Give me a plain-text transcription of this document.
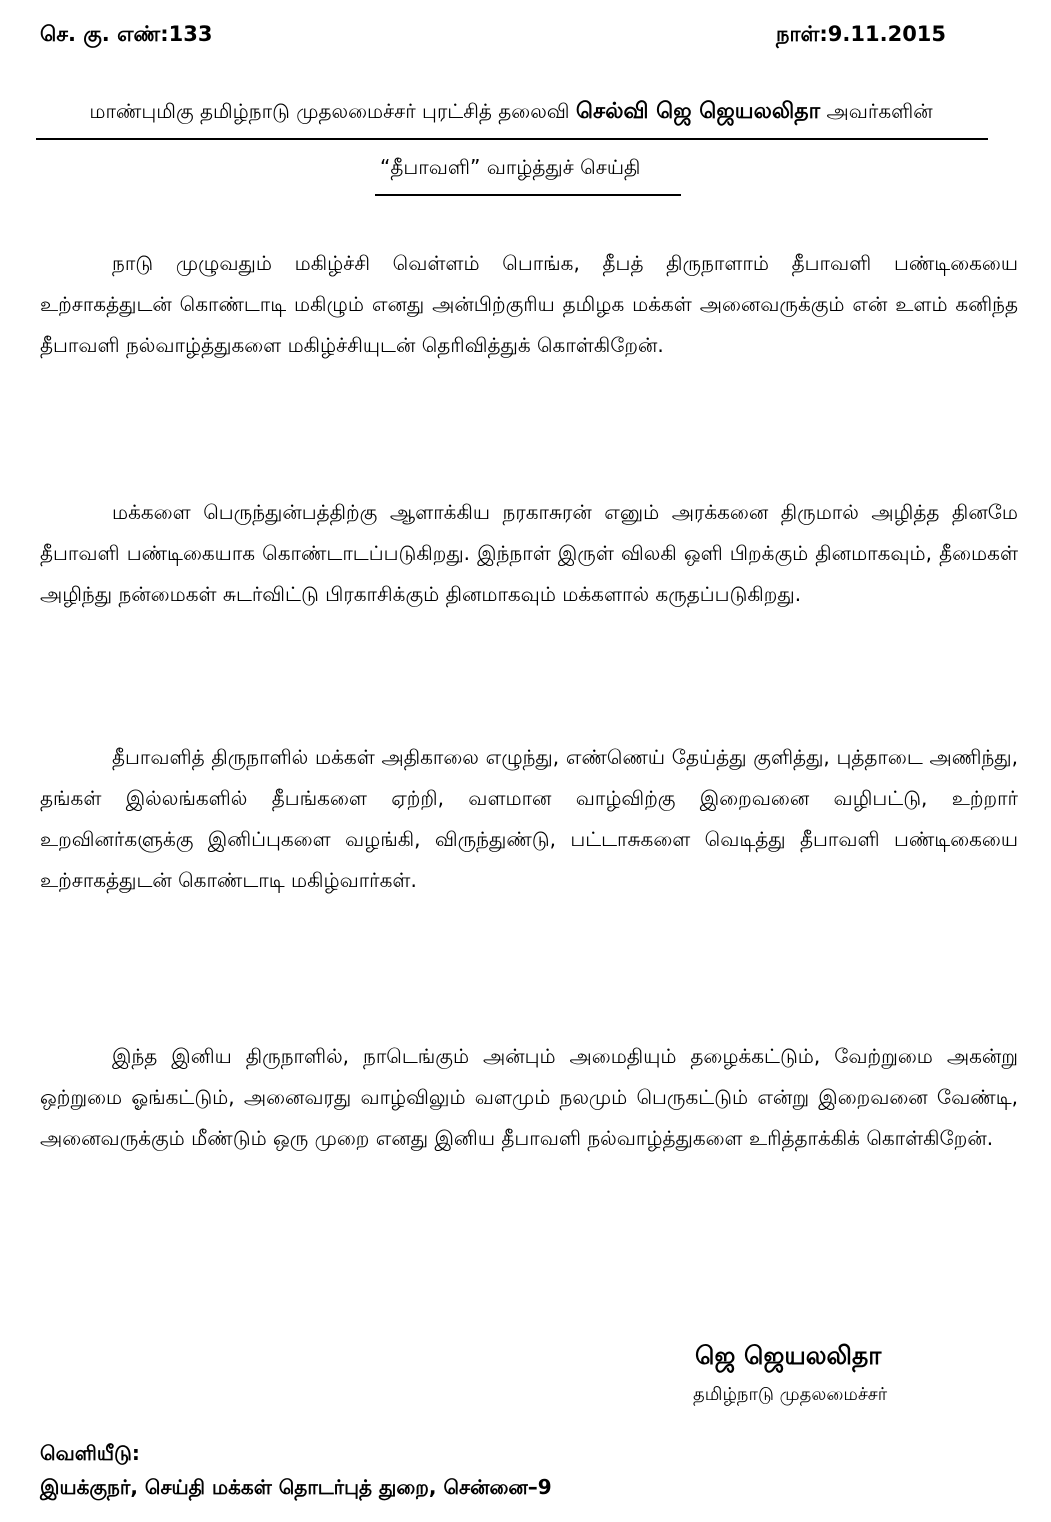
செ. கு. எண்:133	நாள்:9.11.2015
மாண்புமிகு தமிழ்நாடு முதலமைச்சர் புரட்சித் தலைவி செல்வி ஜெ ஜெயலலிதா அவர்களின்
“தீபாவளி” வாழ்த்துச் செய்தி
நாடு முழுவதும் மகிழ்ச்சி வெள்ளம் பொங்க, தீபத் திருநாளாம் தீபாவளி பண்டிகையை உற்சாகத்துடன் கொண்டாடி மகிழும் எனது அன்பிற்குரிய தமிழக மக்கள் அனைவருக்கும் என் உளம் கனிந்த தீபாவளி நல்வாழ்த்துகளை மகிழ்ச்சியுடன் தெரிவித்துக் கொள்கிறேன்.
மக்களை பெருந்துன்பத்திற்கு ஆளாக்கிய நரகாசுரன் எனும் அரக்கனை திருமால் அழித்த தினமே தீபாவளி பண்டிகையாக கொண்டாடப்படுகிறது. இந்நாள் இருள் விலகி ஒளி பிறக்கும் தினமாகவும், தீமைகள் அழிந்து நன்மைகள் சுடர்விட்டு பிரகாசிக்கும் தினமாகவும் மக்களால் கருதப்படுகிறது.
தீபாவளித் திருநாளில் மக்கள் அதிகாலை எழுந்து, எண்ணெய் தேய்த்து குளித்து, புத்தாடை அணிந்து, தங்கள் இல்லங்களில் தீபங்களை ஏற்றி, வளமான வாழ்விற்கு இறைவனை வழிபட்டு, உற்றார் உறவினர்களுக்கு இனிப்புகளை வழங்கி, விருந்துண்டு, பட்டாசுகளை வெடித்து தீபாவளி பண்டிகையை உற்சாகத்துடன் கொண்டாடி மகிழ்வார்கள்.
இந்த இனிய திருநாளில், நாடெங்கும் அன்பும் அமைதியும் தழைக்கட்டும், வேற்றுமை அகன்று ஒற்றுமை ஓங்கட்டும், அனைவரது வாழ்விலும் வளமும் நலமும் பெருகட்டும் என்று இறைவனை வேண்டி, அனைவருக்கும் மீண்டும் ஒரு முறை எனது இனிய தீபாவளி நல்வாழ்த்துகளை உரித்தாக்கிக் கொள்கிறேன்.
ஜெ ஜெயலலிதா
தமிழ்நாடு முதலமைச்சர்
வெளியீடு:
இயக்குநர், செய்தி மக்கள் தொடர்புத் துறை, சென்னை–9
